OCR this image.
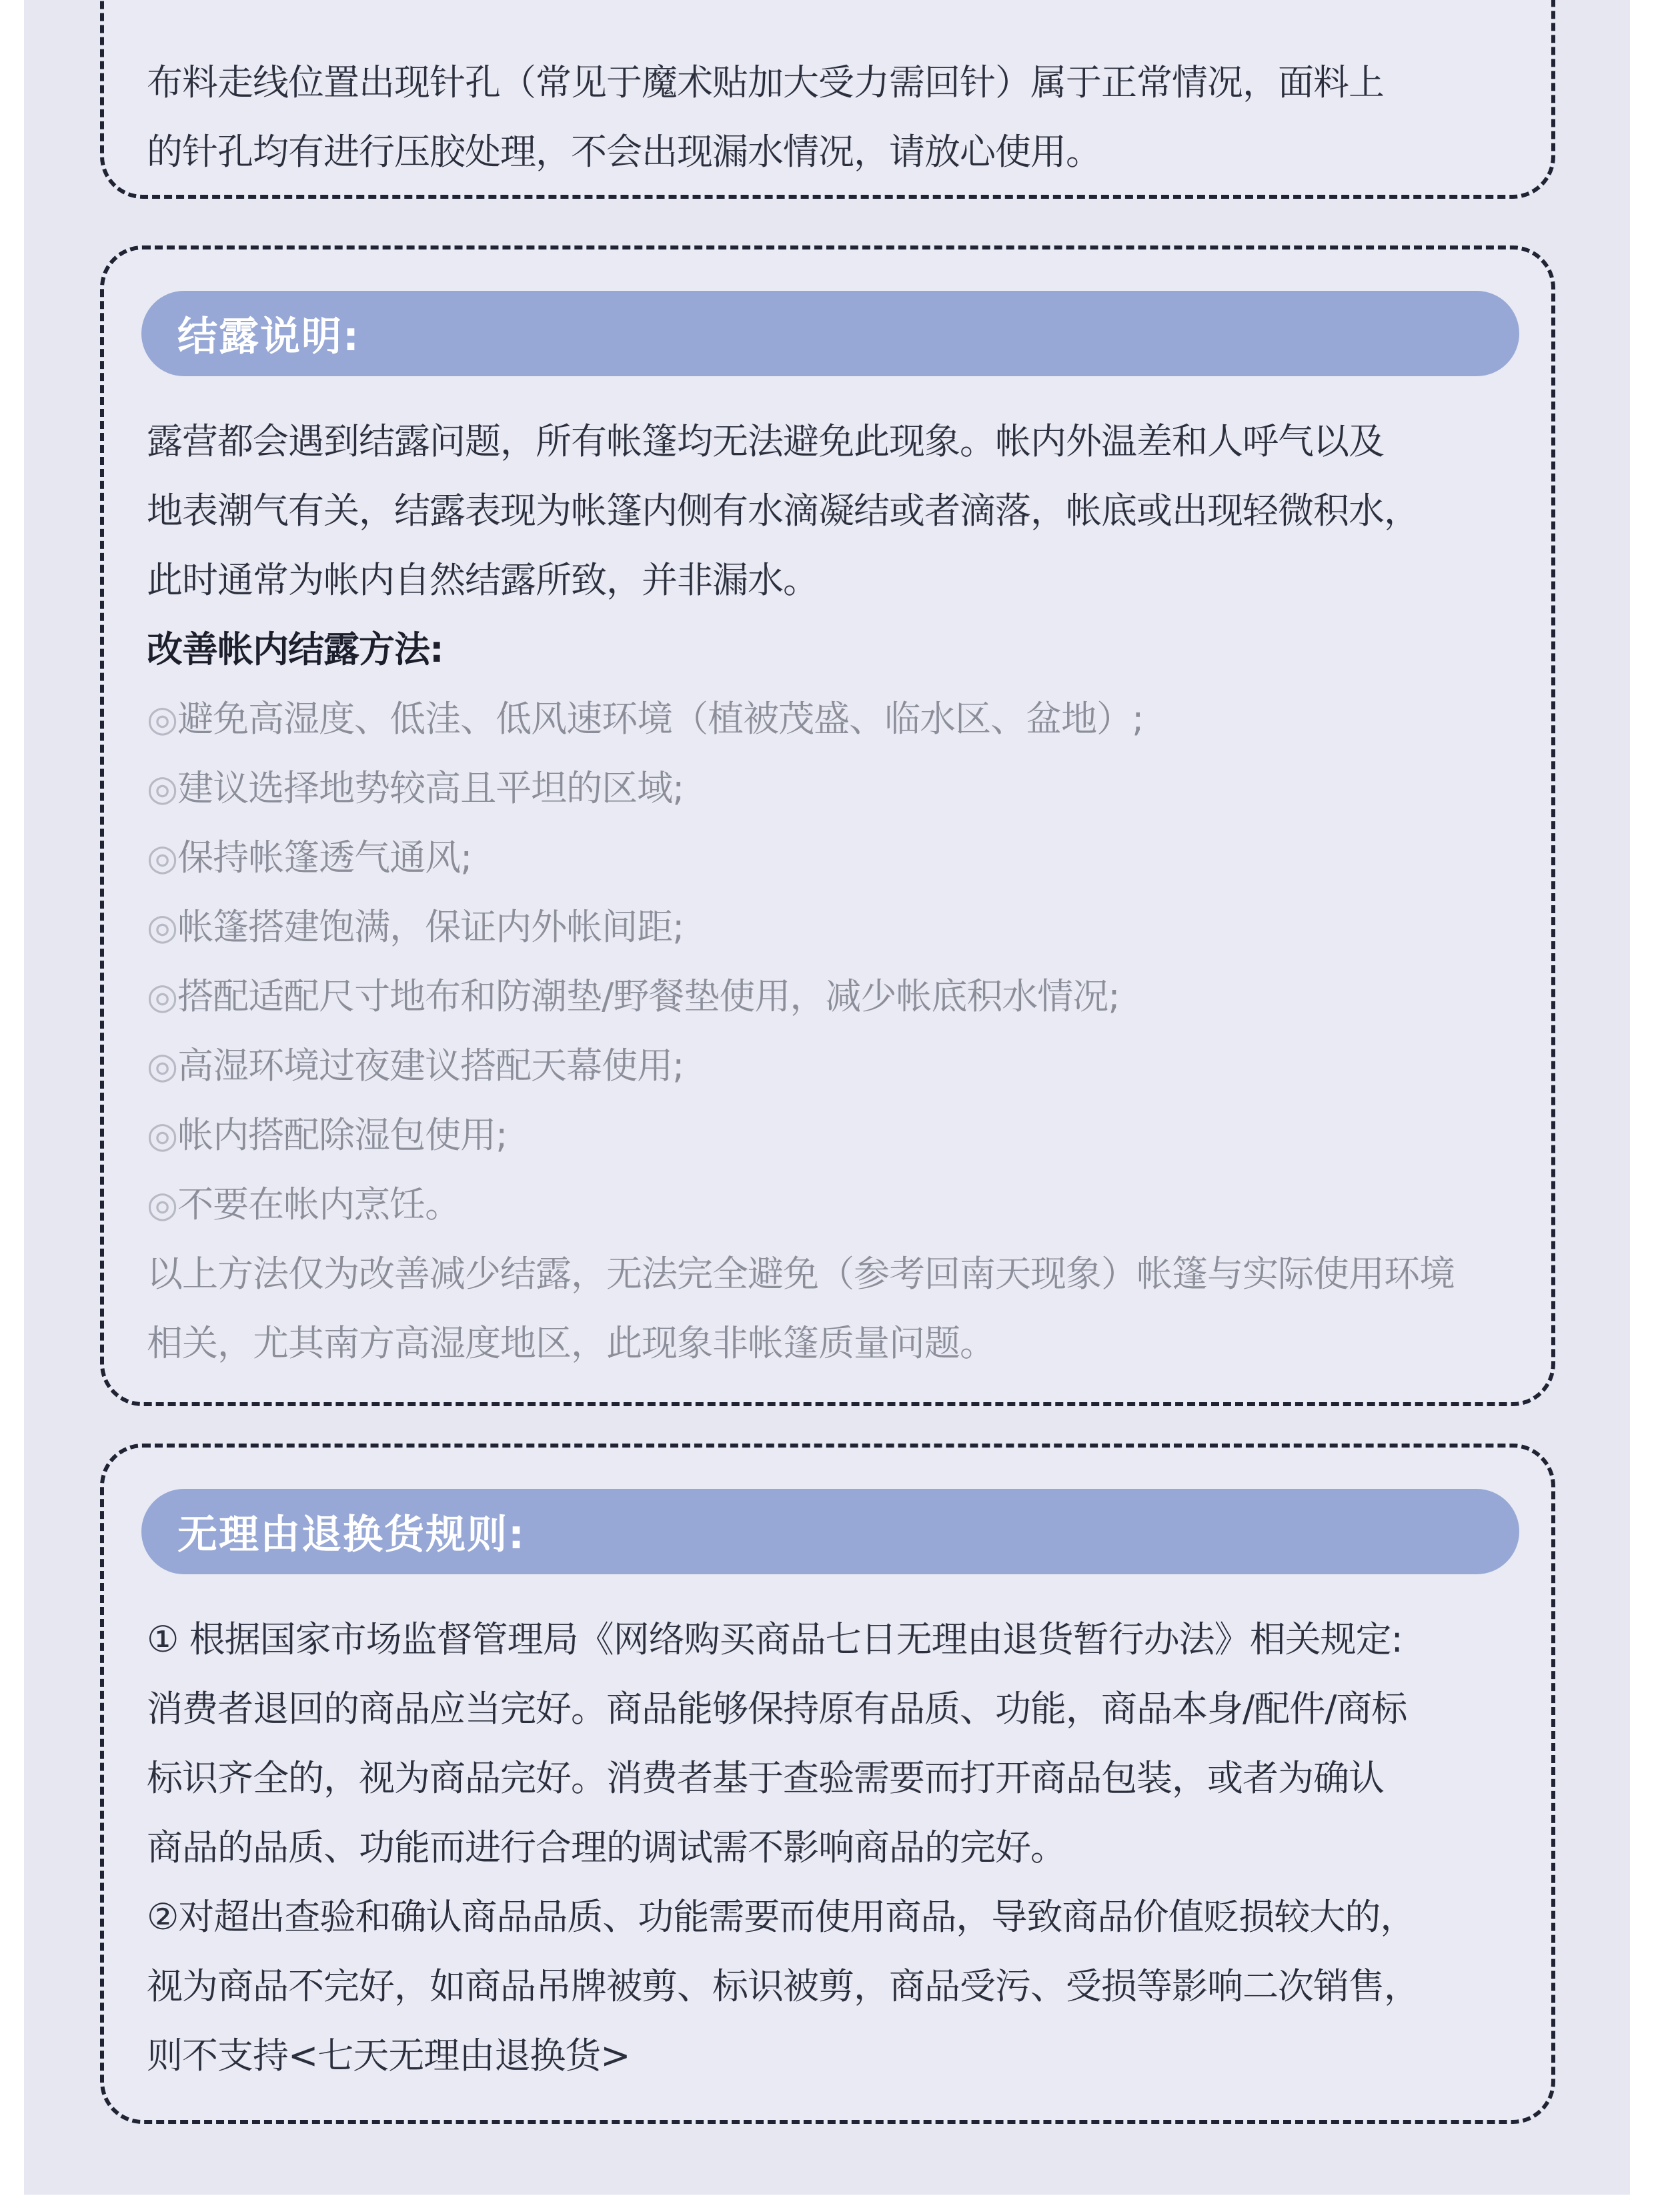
布料走线位置出现针孔（常见于魔术贴加大受力需回针）属于正常情况，面料上
的针孔均有进行压胶处理，不会出现漏水情况，请放心使用。
结露说明:
露营都会遇到结露问题，所有帐篷均无法避免此现象。帐内外温差和人呼气以及
地表潮气有关，结露表现为帐篷内侧有水滴凝结或者滴落，帐底或出现轻微积水，
此时通常为帐内自然结露所致，并非漏水。
改善帐内结露方法:
◎避免高湿度、低洼、低风速环境（植被茂盛、临水区、盆地）;
◎建议选择地势较高且平坦的区域;
◎保持帐篷透气通风;
◎帐篷搭建饱满，保证内外帐间距;
◎搭配适配尺寸地布和防潮垫/野餐垫使用，减少帐底积水情况;
◎高湿环境过夜建议搭配天幕使用;
◎帐内搭配除湿包使用;
◎不要在帐内烹饪。
以上方法仅为改善减少结露，无法完全避免（参考回南天现象）帐篷与实际使用环境
相关，尤其南方高湿度地区，此现象非帐篷质量问题。
无理由退换货规则:
① 根据国家市场监督管理局《网络购买商品七日无理由退货暂行办法》相关规定:
消费者退回的商品应当完好。商品能够保持原有品质、功能，商品本身/配件/商标
标识齐全的，视为商品完好。消费者基于查验需要而打开商品包装，或者为确认
商品的品质、功能而进行合理的调试需不影响商品的完好。
②对超出查验和确认商品品质、功能需要而使用商品，导致商品价值贬损较大的，
视为商品不完好，如商品吊牌被剪、标识被剪，商品受污、受损等影响二次销售，
则不支持<七天无理由退换货>
